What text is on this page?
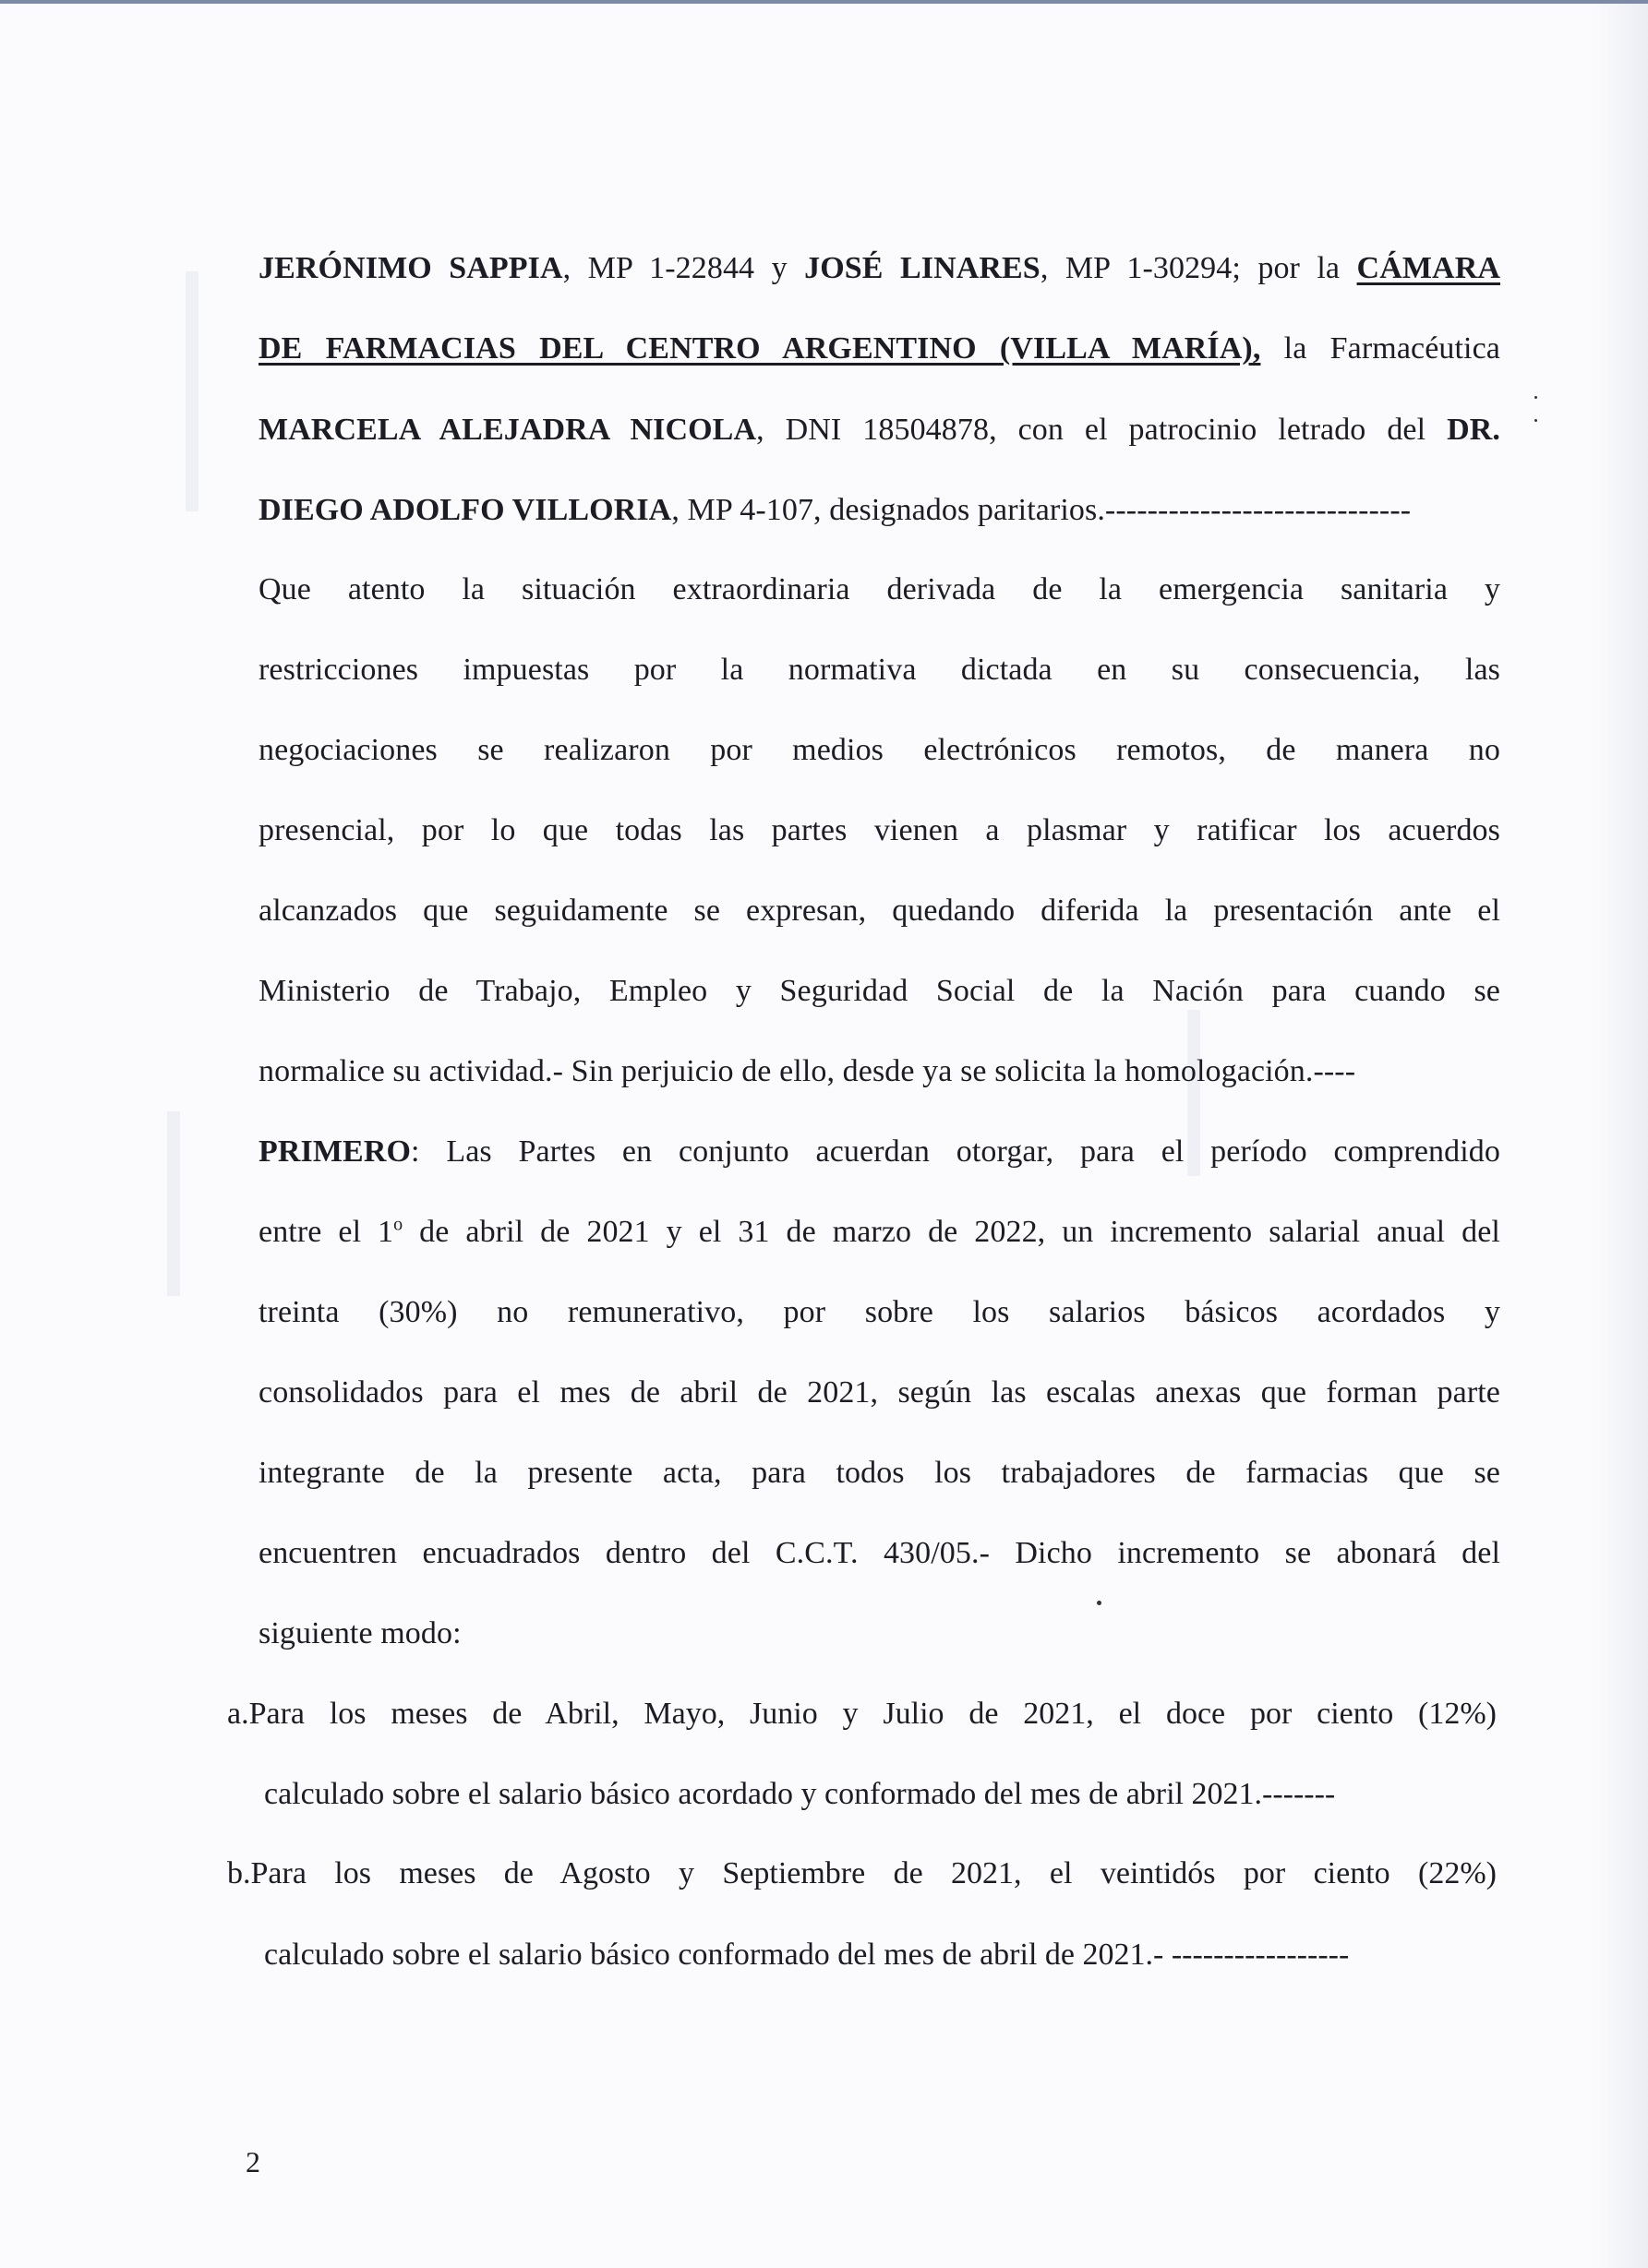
JERÓNIMO SAPPIA, MP 1-22844 y JOSÉ LINARES, MP 1-30294; por la CÁMARA
DE FARMACIAS DEL CENTRO ARGENTINO (VILLA MARÍA), la Farmacéutica
MARCELA ALEJADRA NICOLA, DNI 18504878, con el patrocinio letrado del DR.
DIEGO ADOLFO VILLORIA, MP 4-107, designados paritarios.-----------------------------
Que atento la situación extraordinaria derivada de la emergencia sanitaria y
restricciones impuestas por la normativa dictada en su consecuencia, las
negociaciones se realizaron por medios electrónicos remotos, de manera no
presencial, por lo que todas las partes vienen a plasmar y ratificar los acuerdos
alcanzados que seguidamente se expresan, quedando diferida la presentación ante el
Ministerio de Trabajo, Empleo y Seguridad Social de la Nación para cuando se
normalice su actividad.- Sin perjuicio de ello, desde ya se solicita la homologación.----
PRIMERO: Las Partes en conjunto acuerdan otorgar, para el período comprendido
entre el 1$^o$ de abril de 2021 y el 31 de marzo de 2022, un incremento salarial anual del
treinta (30%) no remunerativo, por sobre los salarios básicos acordados y
consolidados para el mes de abril de 2021, según las escalas anexas que forman parte
integrante de la presente acta, para todos los trabajadores de farmacias que se
encuentren encuadrados dentro del C.C.T. 430/05.- Dicho incremento se abonará del
siguiente modo:
a.Para los meses de Abril, Mayo, Junio y Julio de 2021, el doce por ciento (12%)
calculado sobre el salario básico acordado y conformado del mes de abril 2021.-------
b.Para los meses de Agosto y Septiembre de 2021, el veintidós por ciento (22%)
calculado sobre el salario básico conformado del mes de abril de 2021.- -----------------
2
